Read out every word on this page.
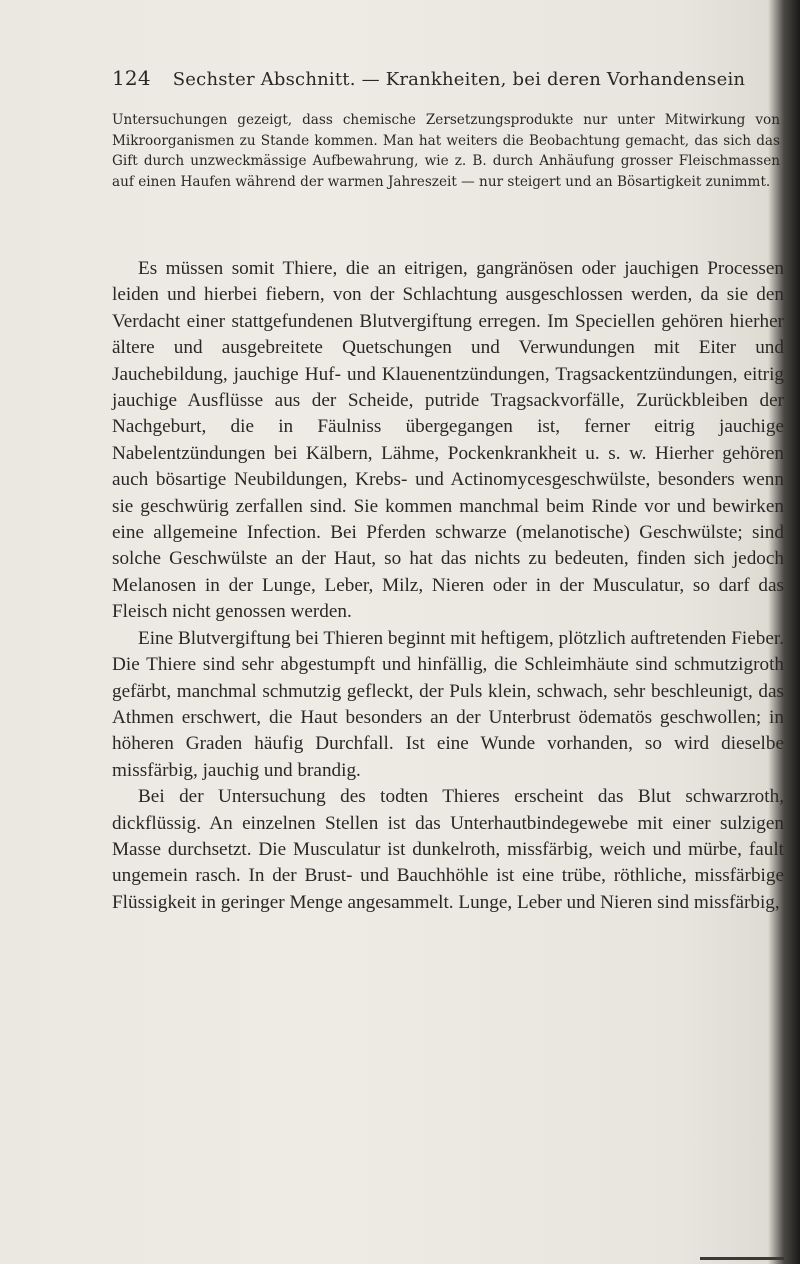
124 Sechster Abschnitt. — Krankheiten, bei deren Vorhandensein

Untersuchungen gezeigt, dass chemische Zersetzungsprodukte nur unter Mitwirkung von Mikroorganismen zu Stande kommen. Man hat weiters die Beobachtung gemacht, das sich das Gift durch unzweckmässige Aufbewahrung, wie z. B. durch Anhäufung grosser Fleischmassen auf einen Haufen während der warmen Jahreszeit — nur steigert und an Bösartigkeit zunimmt.

Es müssen somit Thiere, die an eitrigen, gangränösen oder jauchigen Processen leiden und hierbei fiebern, von der Schlachtung ausgeschlossen werden, da sie den Verdacht einer stattgefundenen Blutvergiftung erregen. Im Speciellen gehören hierher ältere und ausgebreitete Quetschungen und Verwundungen mit Eiter und Jauchebildung, jauchige Huf- und Klauenentzündungen, Tragsackentzündungen, eitrig jauchige Ausflüsse aus der Scheide, putride Tragsackvorfälle, Zurückbleiben der Nachgeburt, die in Fäulniss übergegangen ist, ferner eitrig jauchige Nabelentzündungen bei Kälbern, Lähme, Pockenkrankheit u. s. w. Hierher gehören auch bösartige Neubildungen, Krebs- und Actinomycesgeschwülste, besonders wenn sie geschwürig zerfallen sind. Sie kommen manchmal beim Rinde vor und bewirken eine allgemeine Infection. Bei Pferden schwarze (melanotische) Geschwülste; sind solche Geschwülste an der Haut, so hat das nichts zu bedeuten, finden sich jedoch Melanosen in der Lunge, Leber, Milz, Nieren oder in der Musculatur, so darf das Fleisch nicht genossen werden.

Eine Blutvergiftung bei Thieren beginnt mit heftigem, plötzlich auftretenden Fieber. Die Thiere sind sehr abgestumpft und hinfällig, die Schleimhäute sind schmutzigroth gefärbt, manchmal schmutzig gefleckt, der Puls klein, schwach, sehr beschleunigt, das Athmen erschwert, die Haut besonders an der Unterbrust ödematös geschwollen; in höheren Graden häufig Durchfall. Ist eine Wunde vorhanden, so wird dieselbe missfärbig, jauchig und brandig.

Bei der Untersuchung des todten Thieres erscheint das Blut schwarzroth, dickflüssig. An einzelnen Stellen ist das Unterhautbindegewebe mit einer sulzigen Masse durchsetzt. Die Musculatur ist dunkelroth, missfärbig, weich und mürbe, fault ungemein rasch. In der Brust- und Bauchhöhle ist eine trübe, röthliche, missfärbige Flüssigkeit in geringer Menge angesammelt. Lunge, Leber und Nieren sind missfärbig,
